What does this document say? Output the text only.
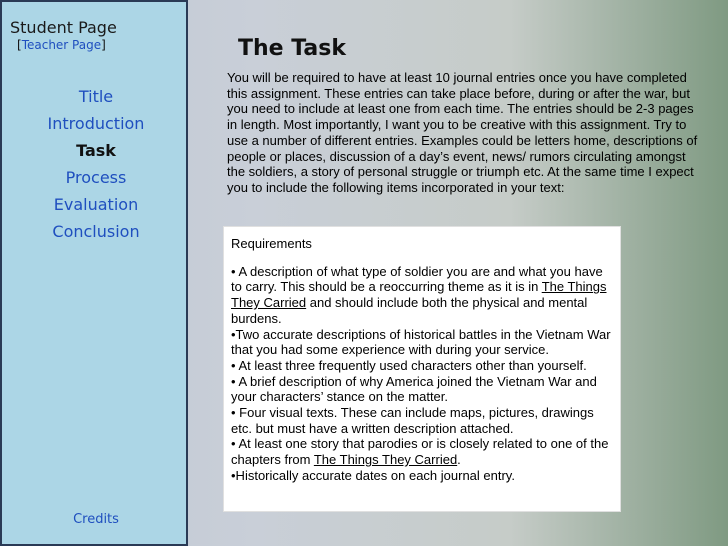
Student Page
[Teacher Page]
Title
Introduction
Task
Process
Evaluation
Conclusion
Credits
The Task
You will be required to have at least 10 journal entries once you have completed this assignment. These entries can take place before, during or after the war, but you need to include at least one from each time. The entries should be 2-3 pages in length. Most importantly, I want you to be creative with this assignment. Try to use a number of different entries. Examples could be letters home, descriptions of people or places, discussion of a day’s event, news/ rumors circulating amongst the soldiers, a story of personal struggle or triumph etc. At the same time I expect you to include the following items incorporated in your text:
Requirements
• A description of what type of soldier you are and what you have to carry. This should be a reoccurring theme as it is in The Things They Carried and should include both the physical and mental burdens.
•Two accurate descriptions of historical battles in the Vietnam War that you had some experience with during your service.
• At least three frequently used characters other than yourself.
• A brief description of why America joined the Vietnam War and your characters’ stance on the matter.
• Four visual texts. These can include maps, pictures, drawings etc. but must have a written description attached.
• At least one story that parodies or is closely related to one of the chapters from The Things They Carried.
•Historically accurate dates on each journal entry.
